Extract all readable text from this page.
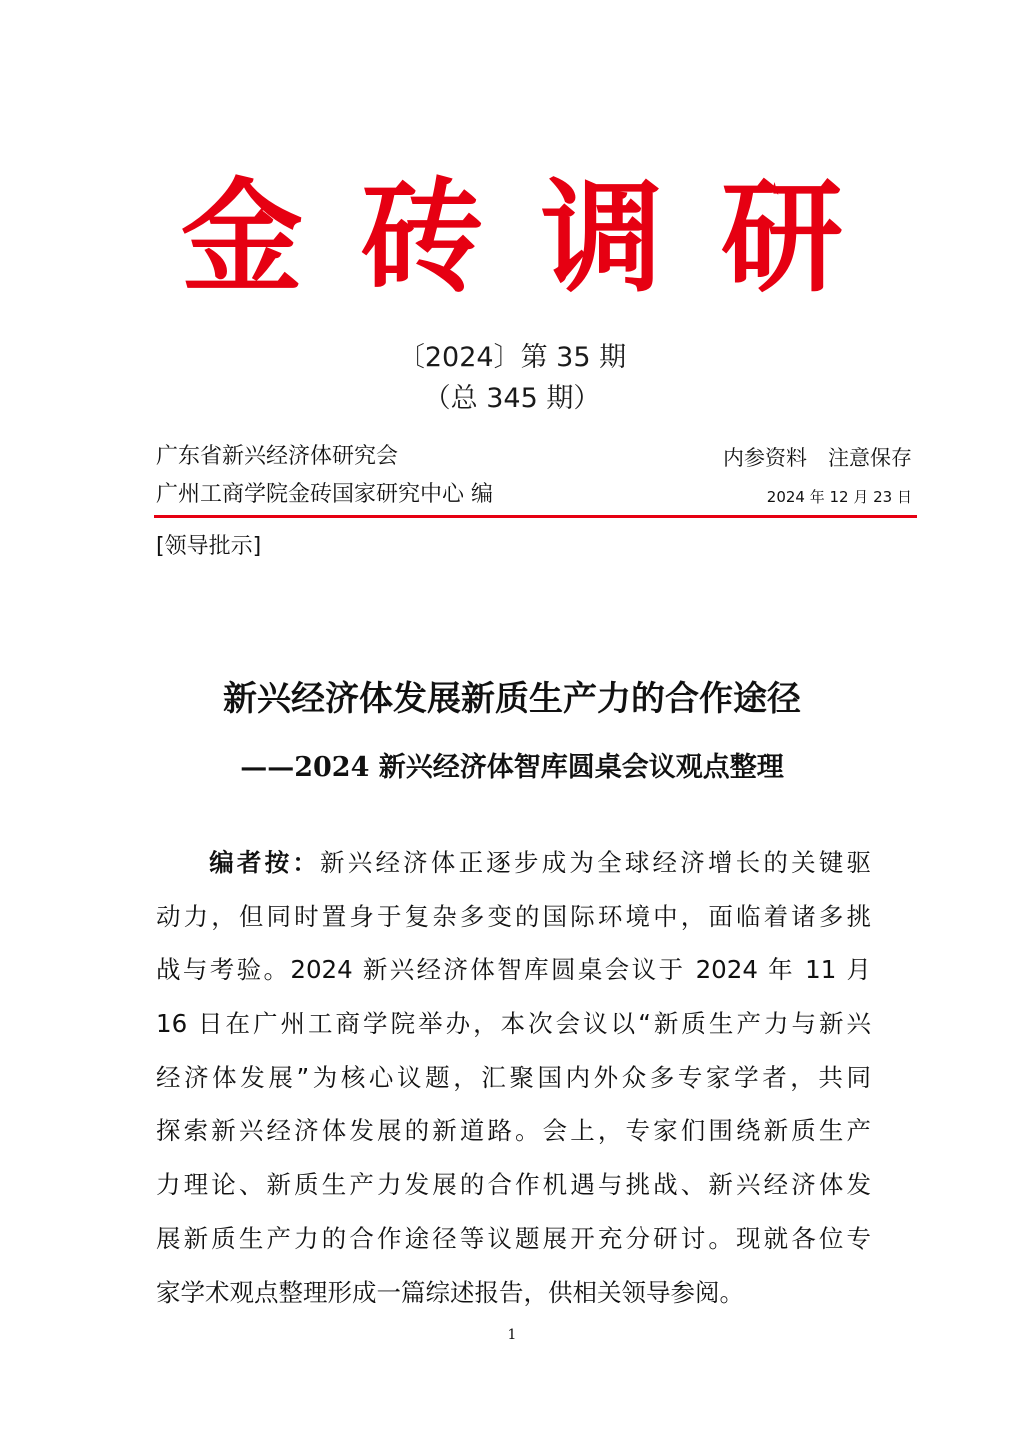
金砖调研
〔2024〕第 35 期
（总 345 期）
广东省新兴经济体研究会
广州工商学院金砖国家研究中心 编
内参资料　注意保存
2024 年 12 月 23 日
[领导批示]
新兴经济体发展新质生产力的合作途径
——2024 新兴经济体智库圆桌会议观点整理
编者按：新兴经济体正逐步成为全球经济增长的关键驱
动力，但同时置身于复杂多变的国际环境中，面临着诸多挑
战与考验。2024 新兴经济体智库圆桌会议于 2024 年 11 月
16 日在广州工商学院举办，本次会议以“新质生产力与新兴
经济体发展”为核心议题，汇聚国内外众多专家学者，共同
探索新兴经济体发展的新道路。会上，专家们围绕新质生产
力理论、新质生产力发展的合作机遇与挑战、新兴经济体发
展新质生产力的合作途径等议题展开充分研讨。现就各位专
家学术观点整理形成一篇综述报告，供相关领导参阅。
1
